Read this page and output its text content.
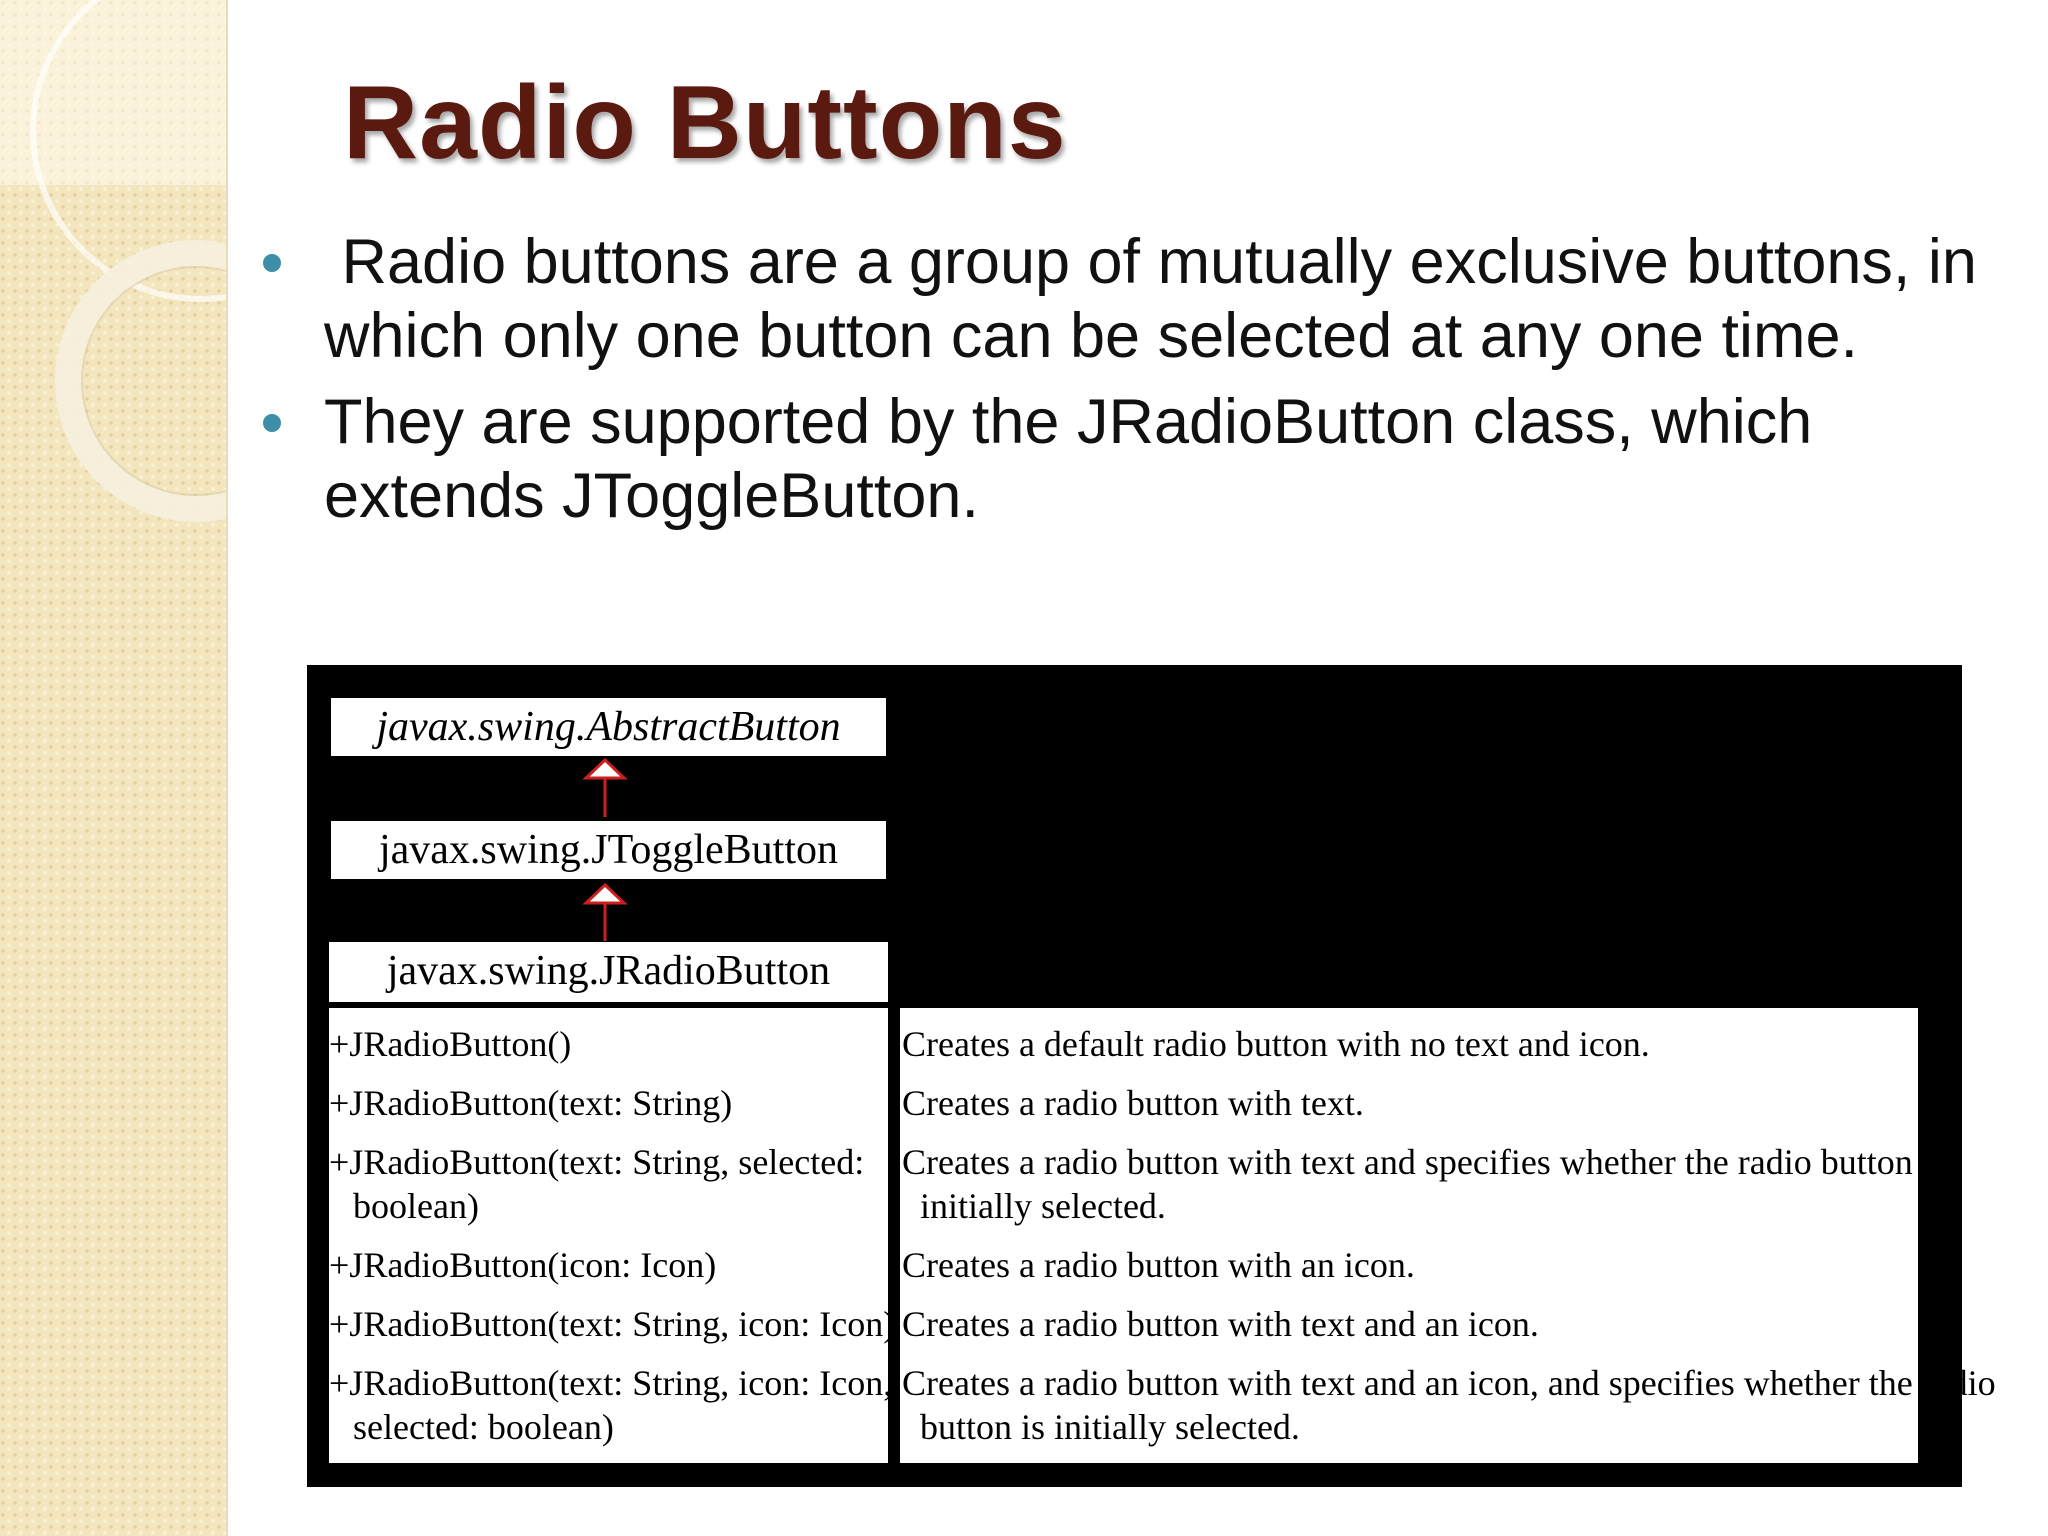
Radio Buttons
Radio buttons are a group of mutually exclusive buttons, in which only one button can be selected at any one time.
They are supported by the JRadioButton class, which extends JToggleButton.
javax.swing.AbstractButton
javax.swing.JToggleButton
javax.swing.JRadioButton
+JRadioButton()
+JRadioButton(text: String)
+JRadioButton(text: String, selected:
boolean)
+JRadioButton(icon: Icon)
+JRadioButton(text: String, icon: Icon)
+JRadioButton(text: String, icon: Icon,
selected: boolean)
Creates a default radio button with no text and icon.
Creates a radio button with text.
Creates a radio button with text and specifies whether the radio button is
initially selected.
Creates a radio button with an icon.
Creates a radio button with text and an icon.
Creates a radio button with text and an icon, and specifies whether the radio
button is initially selected.
